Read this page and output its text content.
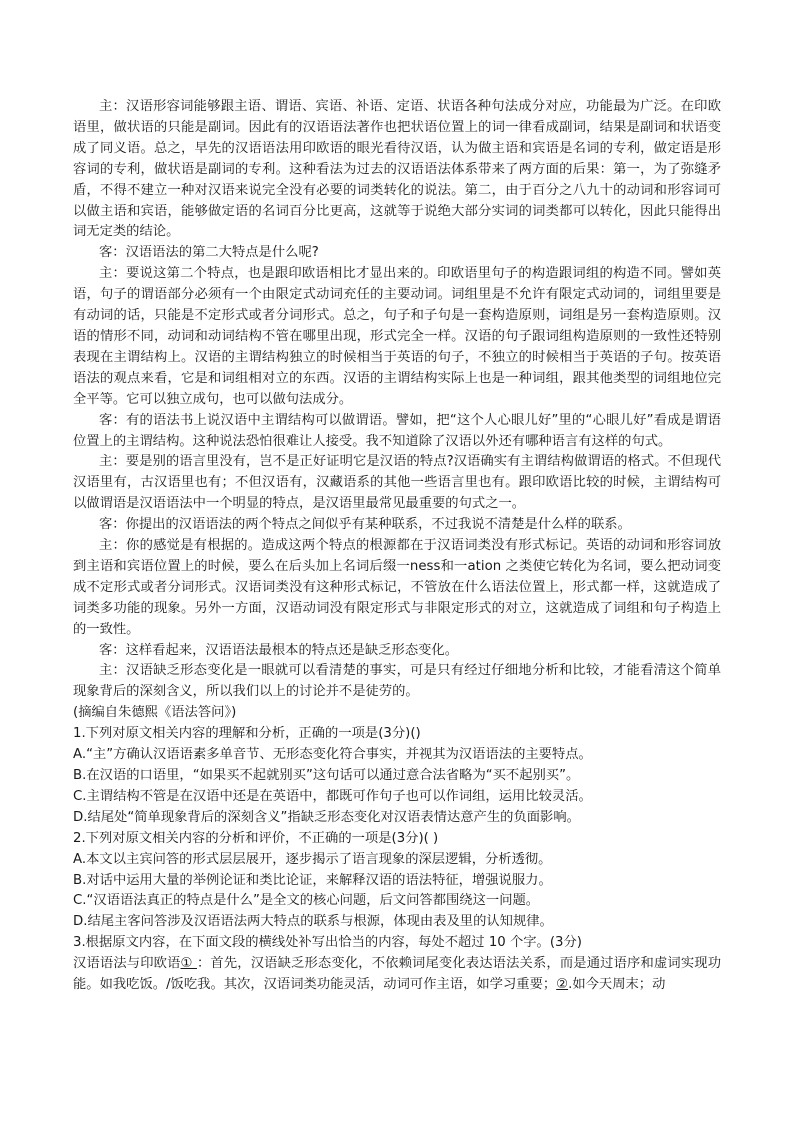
主：汉语形容词能够跟主语、谓语、宾语、补语、定语、状语各种句法成分对应，功能最为广泛。在印欧语里，做状语的只能是副词。因此有的汉语语法著作也把状语位置上的词一律看成副词，结果是副词和状语变成了同义语。总之，早先的汉语语法用印欧语的眼光看待汉语，认为做主语和宾语是名词的专利，做定语是形容词的专利，做状语是副词的专利。这种看法为过去的汉语语法体系带来了两方面的后果：第一，为了弥缝矛盾，不得不建立一种对汉语来说完全没有必要的词类转化的说法。第二，由于百分之八九十的动词和形容词可以做主语和宾语，能够做定语的名词百分比更高，这就等于说绝大部分实词的词类都可以转化，因此只能得出词无定类的结论。

客：汉语语法的第二大特点是什么呢?

主：要说这第二个特点，也是跟印欧语相比才显出来的。印欧语里句子的构造跟词组的构造不同。譬如英语，句子的谓语部分必须有一个由限定式动词充任的主要动词。词组里是不允许有限定式动词的，词组里要是有动词的话，只能是不定形式或者分词形式。总之，句子和子句是一套构造原则，词组是另一套构造原则。汉语的情形不同，动词和动词结构不管在哪里出现，形式完全一样。汉语的句子跟词组构造原则的一致性还特别表现在主谓结构上。汉语的主谓结构独立的时候相当于英语的句子，不独立的时候相当于英语的子句。按英语语法的观点来看，它是和词组相对立的东西。汉语的主谓结构实际上也是一种词组，跟其他类型的词组地位完全平等。它可以独立成句，也可以做句法成分。

客：有的语法书上说汉语中主谓结构可以做谓语。譬如，把“这个人心眼儿好”里的“心眼儿好”看成是谓语位置上的主谓结构。这种说法恐怕很难让人接受。我不知道除了汉语以外还有哪种语言有这样的句式。

主：要是别的语言里没有，岂不是正好证明它是汉语的特点?汉语确实有主谓结构做谓语的格式。不但现代汉语里有，古汉语里也有；不但汉语有，汉藏语系的其他一些语言里也有。跟印欧语比较的时候，主谓结构可以做谓语是汉语语法中一个明显的特点，是汉语里最常见最重要的句式之一。

客：你提出的汉语语法的两个特点之间似乎有某种联系，不过我说不清楚是什么样的联系。

主：你的感觉是有根据的。造成这两个特点的根源都在于汉语词类没有形式标记。英语的动词和形容词放到主语和宾语位置上的时候，要么在后头加上名词后缀一ness和一ation 之类使它转化为名词，要么把动词变成不定形式或者分词形式。汉语词类没有这种形式标记，不管放在什么语法位置上，形式都一样，这就造成了词类多功能的现象。另外一方面，汉语动词没有限定形式与非限定形式的对立，这就造成了词组和句子构造上的一致性。

客：这样看起来，汉语语法最根本的特点还是缺乏形态变化。

主：汉语缺乏形态变化是一眼就可以看清楚的事实，可是只有经过仔细地分析和比较，才能看清这个简单现象背后的深刻含义，所以我们以上的讨论并不是徒劳的。

(摘编自朱德熙《语法答问》)

1.下列对原文相关内容的理解和分析，正确的一项是(3分)()

A.“主”方确认汉语语素多单音节、无形态变化符合事实，并视其为汉语语法的主要特点。

B.在汉语的口语里，“如果买不起就别买”这句话可以通过意合法省略为“买不起别买”。

C.主谓结构不管是在汉语中还是在英语中，都既可作句子也可以作词组，运用比较灵活。

D.结尾处“简单现象背后的深刻含义”指缺乏形态变化对汉语表情达意产生的负面影响。

2.下列对原文相关内容的分析和评价，不正确的一项是(3分)( )

A.本文以主宾问答的形式层层展开，逐步揭示了语言现象的深层逻辑，分析透彻。

B.对话中运用大量的举例论证和类比论证，来解释汉语的语法特征，增强说服力。

C.“汉语语法真正的特点是什么”是全文的核心问题，后文问答都围绕这一问题。

D.结尾主客问答涉及汉语语法两大特点的联系与根源，体现由表及里的认知规律。

3.根据原文内容，在下面文段的横线处补写出恰当的内容，每处不超过 10 个字。(3分)

汉语语法与印欧语① ：首先，汉语缺乏形态变化，不依赖词尾变化表达语法关系，而是通过语序和虚词实现功能。如我吃饭。/饭吃我。其次，汉语词类功能灵活，动词可作主语，如学习重要；②.如今天周末；动
